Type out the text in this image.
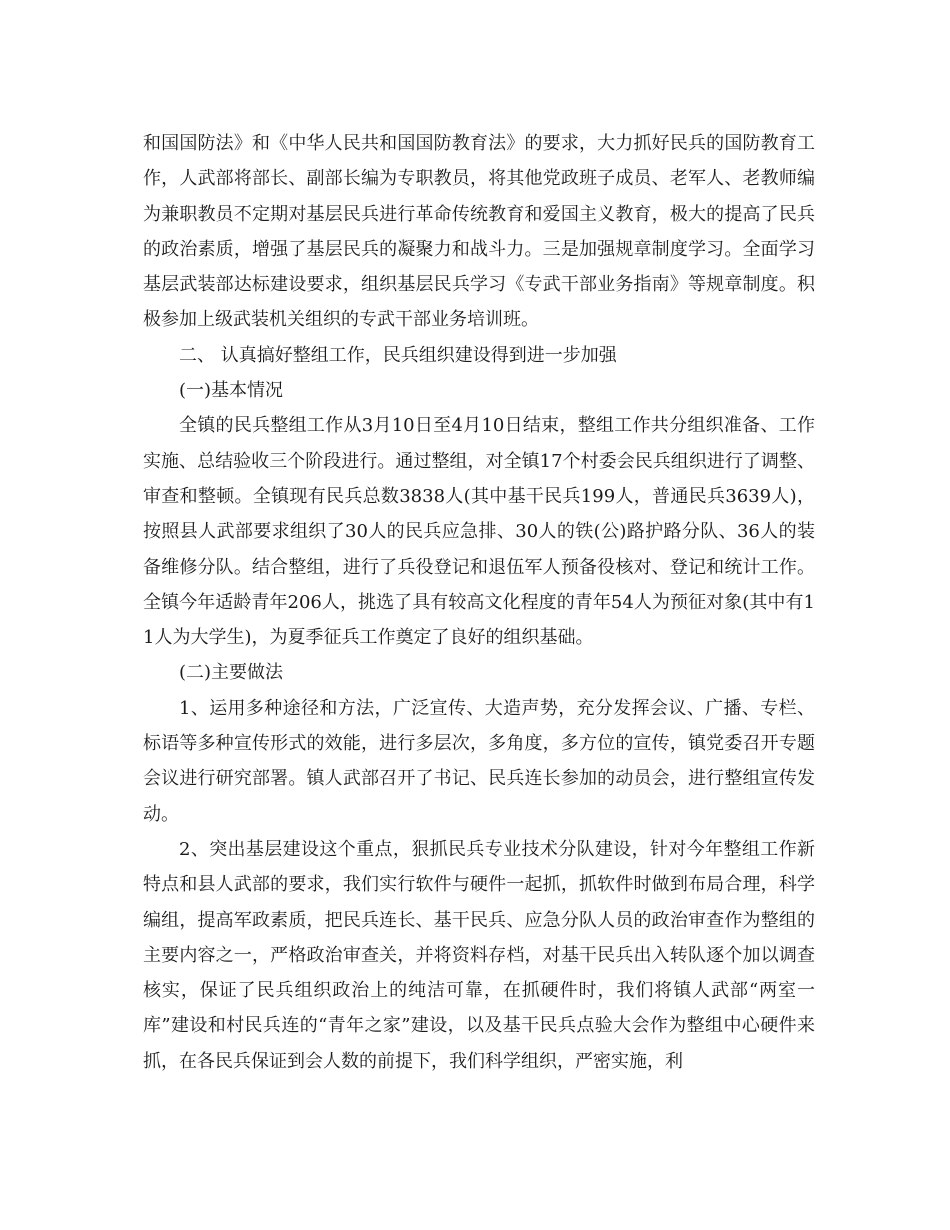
和国国防法》和《中华人民共和国国防教育法》的要求，大力抓好民兵的国防教育工作，人武部将部长、副部长编为专职教员，将其他党政班子成员、老军人、老教师编为兼职教员不定期对基层民兵进行革命传统教育和爱国主义教育，极大的提高了民兵的政治素质，增强了基层民兵的凝聚力和战斗力。三是加强规章制度学习。全面学习基层武装部达标建设要求，组织基层民兵学习《专武干部业务指南》等规章制度。积极参加上级武装机关组织的专武干部业务培训班。

二、 认真搞好整组工作，民兵组织建设得到进一步加强

(一)基本情况

全镇的民兵整组工作从3月10日至4月10日结束，整组工作共分组织准备、工作实施、总结验收三个阶段进行。通过整组，对全镇17个村委会民兵组织进行了调整、审查和整顿。全镇现有民兵总数3838人(其中基干民兵199人，普通民兵3639人)，按照县人武部要求组织了30人的民兵应急排、30人的铁(公)路护路分队、36人的装备维修分队。结合整组，进行了兵役登记和退伍军人预备役核对、登记和统计工作。全镇今年适龄青年206人，挑选了具有较高文化程度的青年54人为预征对象(其中有11人为大学生)，为夏季征兵工作奠定了良好的组织基础。

(二)主要做法

1、运用多种途径和方法，广泛宣传、大造声势，充分发挥会议、广播、专栏、标语等多种宣传形式的效能，进行多层次，多角度，多方位的宣传，镇党委召开专题会议进行研究部署。镇人武部召开了书记、民兵连长参加的动员会，进行整组宣传发动。

2、突出基层建设这个重点，狠抓民兵专业技术分队建设，针对今年整组工作新特点和县人武部的要求，我们实行软件与硬件一起抓，抓软件时做到布局合理，科学编组，提高军政素质，把民兵连长、基干民兵、应急分队人员的政治审查作为整组的主要内容之一，严格政治审查关，并将资料存档，对基干民兵出入转队逐个加以调查核实，保证了民兵组织政治上的纯洁可靠，在抓硬件时，我们将镇人武部“两室一库”建设和村民兵连的“青年之家”建设，以及基干民兵点验大会作为整组中心硬件来抓，在各民兵保证到会人数的前提下，我们科学组织，严密实施，利
